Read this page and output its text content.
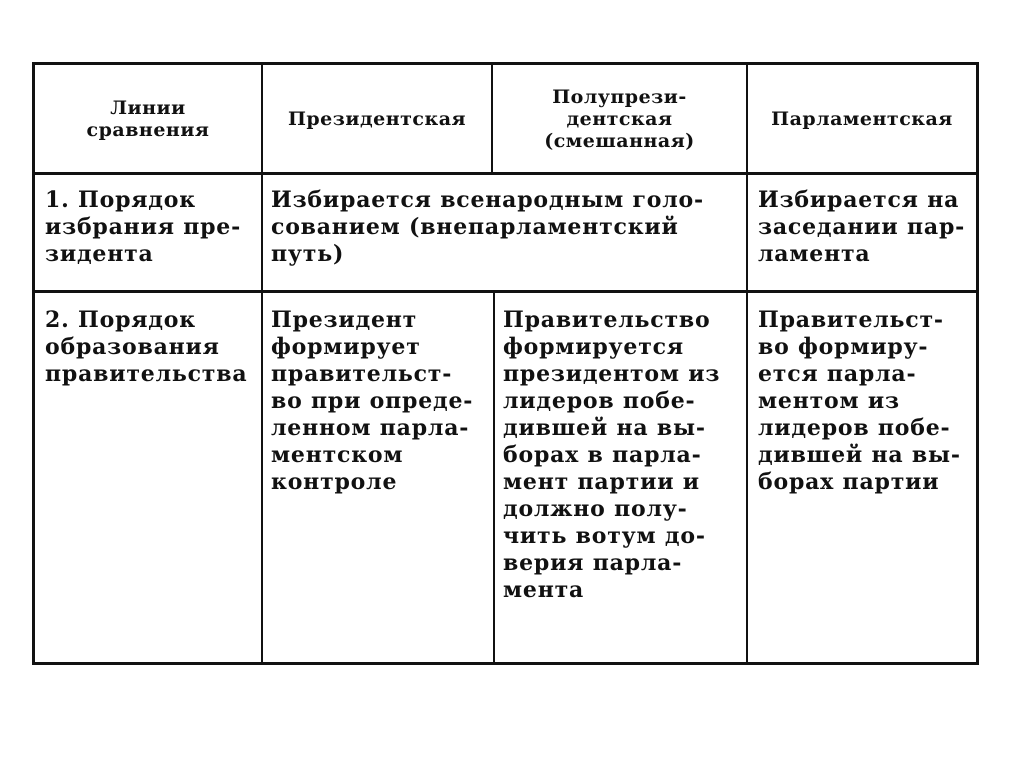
Линии
сравнения	Президентская
Полупрези-
дентская
(смешанная)
Парламентская
1. Порядок
избрания пре-
зидента
Избирается всенародным голо-
сованием (внепарламентский
путь)
Избирается на
заседании пар-
ламента
2. Порядок
образования
правительства
Президент
формирует
правительст-
во при опреде-
ленном парла-
ментском
контроле
Правительство
формируется
президентом из
лидеров побе-
дившей на вы-
борах в парла-
мент партии и
должно полу-
чить вотум до-
верия парла-
мента
Правительст-
во формиру-
ется парла-
ментом из
лидеров побе-
дившей на вы-
борах партии
